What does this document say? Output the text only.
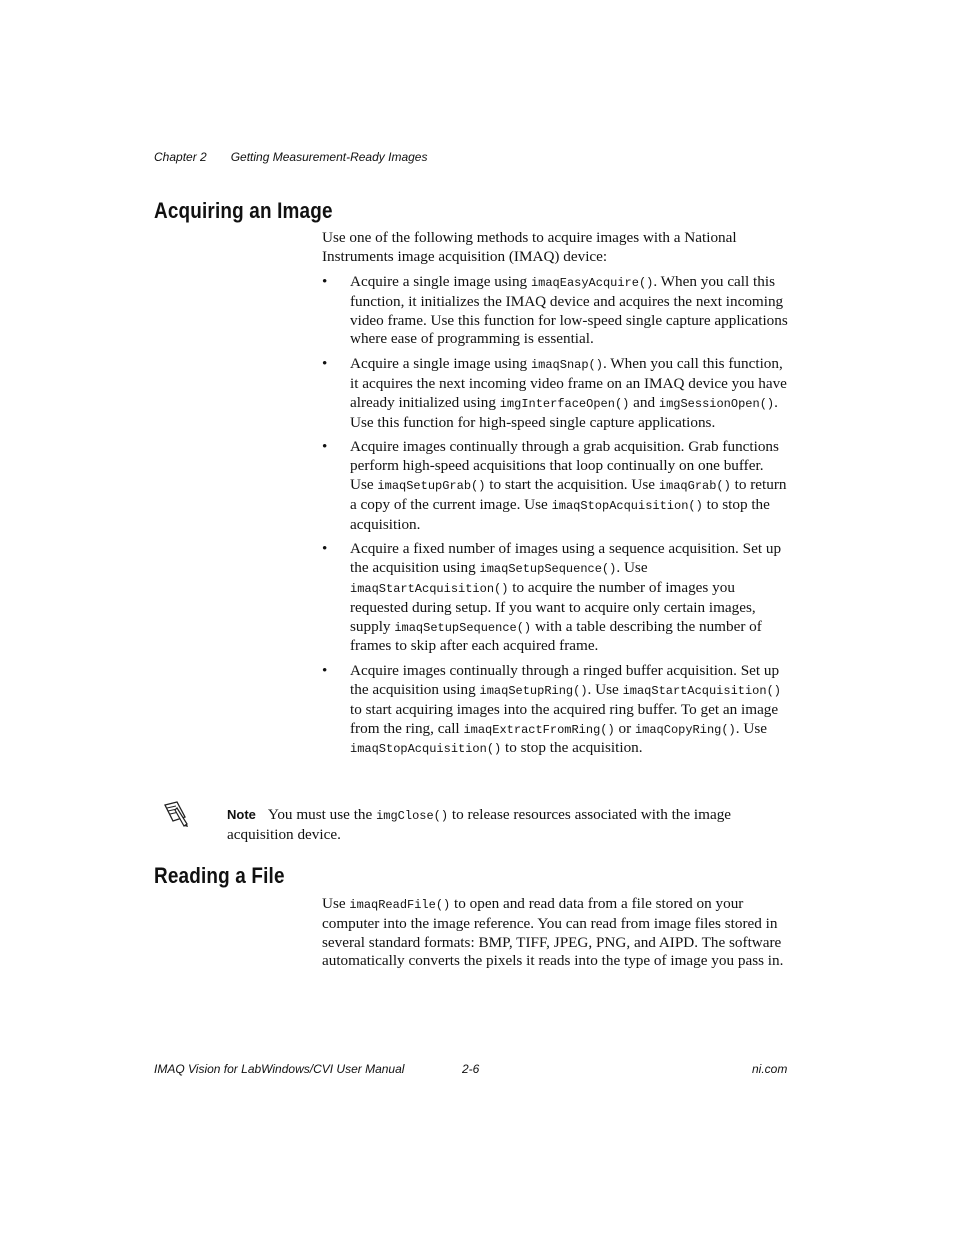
Chapter 2 Getting Measurement-Ready Images
Acquiring an Image

Use one of the following methods to acquire images with a National Instruments image acquisition (IMAQ) device:

• Acquire a single image using imaqEasyAcquire(). When you call this function, it initializes the IMAQ device and acquires the next incoming video frame. Use this function for low-speed single capture applications where ease of programming is essential.
• Acquire a single image using imaqSnap(). When you call this function, it acquires the next incoming video frame on an IMAQ device you have already initialized using imgInterfaceOpen() and imgSessionOpen(). Use this function for high-speed single capture applications.
• Acquire images continually through a grab acquisition. Grab functions perform high-speed acquisitions that loop continually on one buffer. Use imaqSetupGrab() to start the acquisition. Use imaqGrab() to return a copy of the current image. Use imaqStopAcquisition() to stop the acquisition.
• Acquire a fixed number of images using a sequence acquisition. Set up the acquisition using imaqSetupSequence(). Use imaqStartAcquisition() to acquire the number of images you requested during setup. If you want to acquire only certain images, supply imaqSetupSequence() with a table describing the number of frames to skip after each acquired frame.
• Acquire images continually through a ringed buffer acquisition. Set up the acquisition using imaqSetupRing(). Use imaqStartAcquisition() to start acquiring images into the acquired ring buffer. To get an image from the ring, call imaqExtractFromRing() or imaqCopyRing(). Use imaqStopAcquisition() to stop the acquisition.
Note You must use the imgClose() to release resources associated with the image acquisition device.
Reading a File

Use imaqReadFile() to open and read data from a file stored on your computer into the image reference. You can read from image files stored in several standard formats: BMP, TIFF, JPEG, PNG, and AIPD. The software automatically converts the pixels it reads into the type of image you pass in.

IMAQ Vision for LabWindows/CVI User Manual	2-6	ni.com
